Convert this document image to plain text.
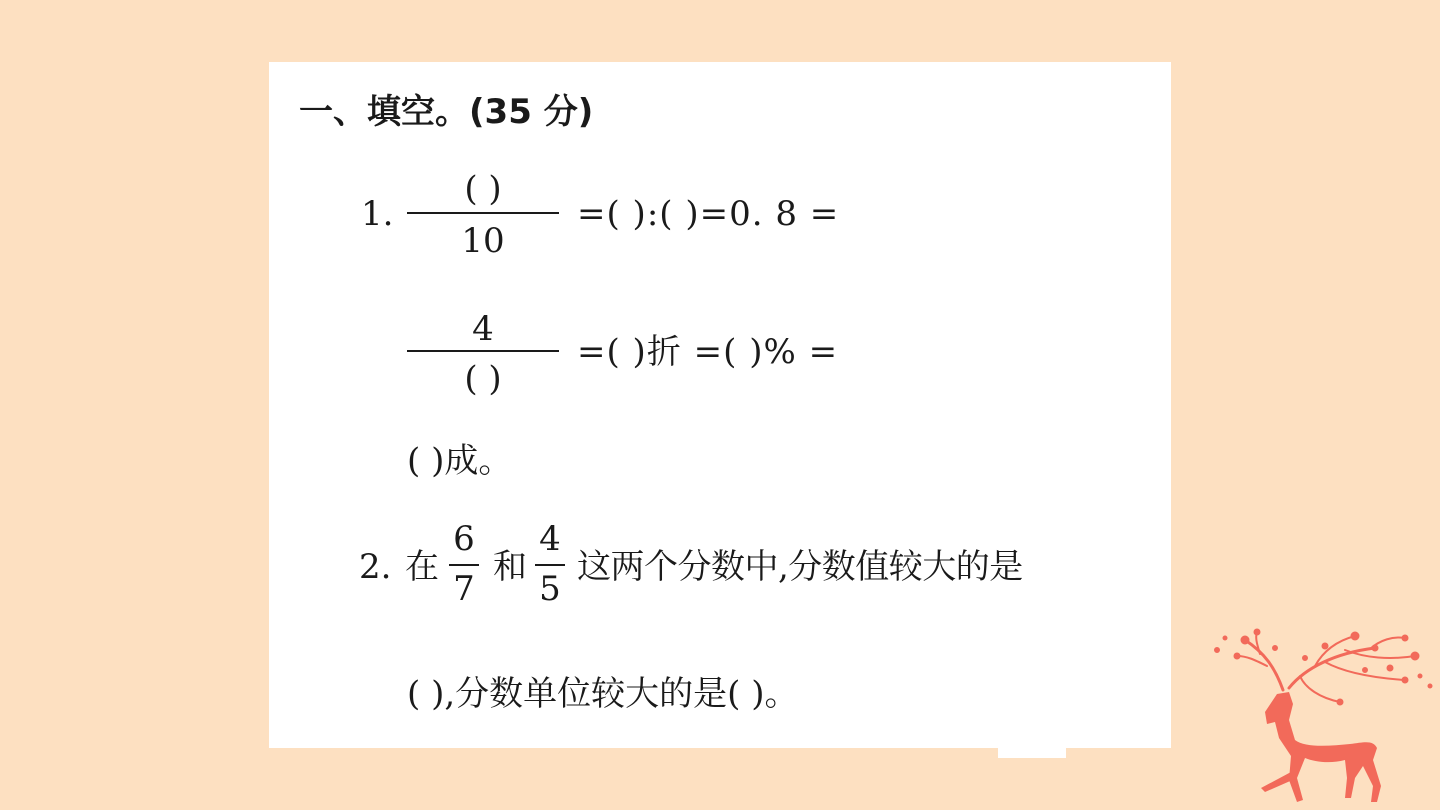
一、填空。(35 分)
1.
( )
10
=( ):( )=0. 8 =
4
( )
=( )折 =( )% =
( )成。
2. 在
6
7
和
4
5
这两个分数中,分数值较大的是
( ),分数单位较大的是( )。
